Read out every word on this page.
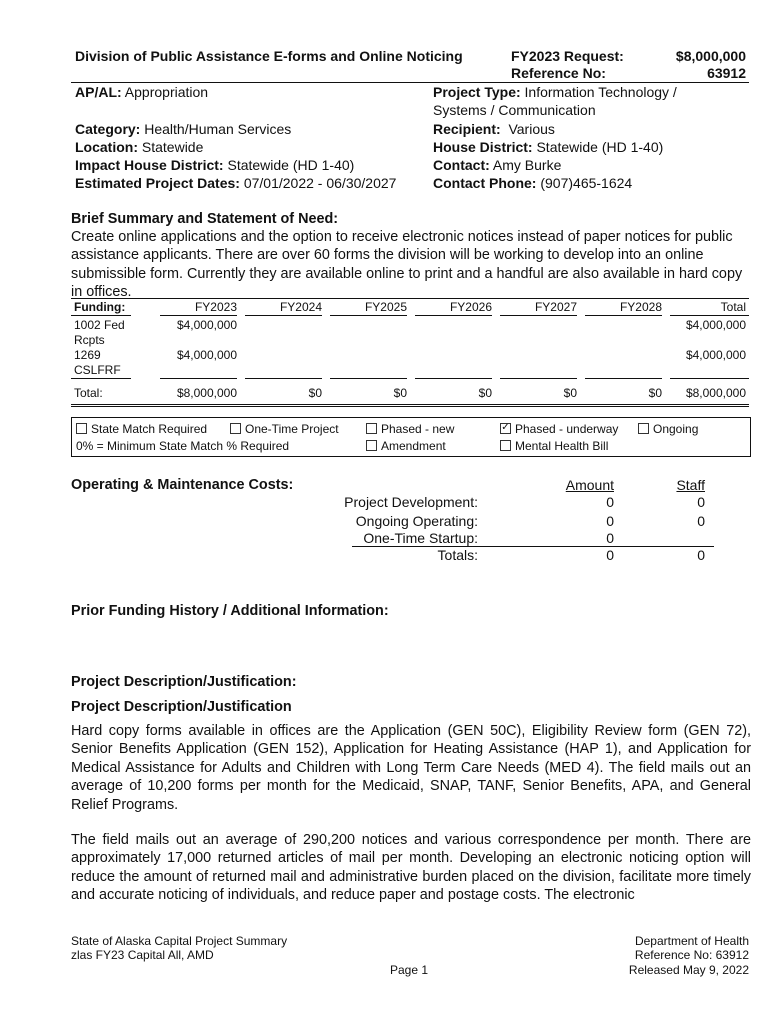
Division of Public Assistance E-forms and Online Noticing	FY2023 Request:	$8,000,000
Reference No:	63912
AP/AL: Appropriation
Category: Health/Human Services
Location: Statewide
Impact House District: Statewide (HD 1-40)
Estimated Project Dates: 07/01/2022 - 06/30/2027
Project Type: Information Technology /
Systems / Communication
Recipient: Various
House District: Statewide (HD 1-40)
Contact: Amy Burke
Contact Phone: (907)465-1624
Brief Summary and Statement of Need:
Create online applications and the option to receive electronic notices instead of paper notices for public assistance applicants. There are over 60 forms the division will be working to develop into an online submissible form. Currently they are available online to print and a handful are also available in hard copy in offices.
Funding:	FY2023	FY2024	FY2025	FY2026	FY2027	FY2028	Total
1002 Fed
Rcpts
$4,000,000	$4,000,000
1269
CSLFRF
$4,000,000	$4,000,000
Total:	$8,000,000	$0	$0	$0	$0	$0	$8,000,000
State Match Required	One-Time Project	Phased - new
✓	Phased - underway	Ongoing
0% = Minimum State Match % Required	Amendment	Mental Health Bill
Operating & Maintenance Costs:	Amount	Staff
Project Development:	0	0
Ongoing Operating:	0	0
One-Time Startup:	0
Totals:	0	0
Prior Funding History / Additional Information:
Project Description/Justification:
Project Description/Justification
Hard copy forms available in offices are the Application (GEN 50C), Eligibility Review form (GEN 72), Senior Benefits Application (GEN 152), Application for Heating Assistance (HAP 1), and Application for Medical Assistance for Adults and Children with Long Term Care Needs (MED 4). The field mails out an average of 10,200 forms per month for the Medicaid, SNAP, TANF, Senior Benefits, APA, and General Relief Programs.
The field mails out an average of 290,200 notices and various correspondence per month. There are approximately 17,000 returned articles of mail per month. Developing an electronic noticing option will reduce the amount of returned mail and administrative burden placed on the division, facilitate more timely and accurate noticing of individuals, and reduce paper and postage costs. The electronic
State of Alaska Capital Project Summary
zlas FY23 Capital All, AMD
Page 1
Department of Health
Reference No: 63912
Released May 9, 2022
